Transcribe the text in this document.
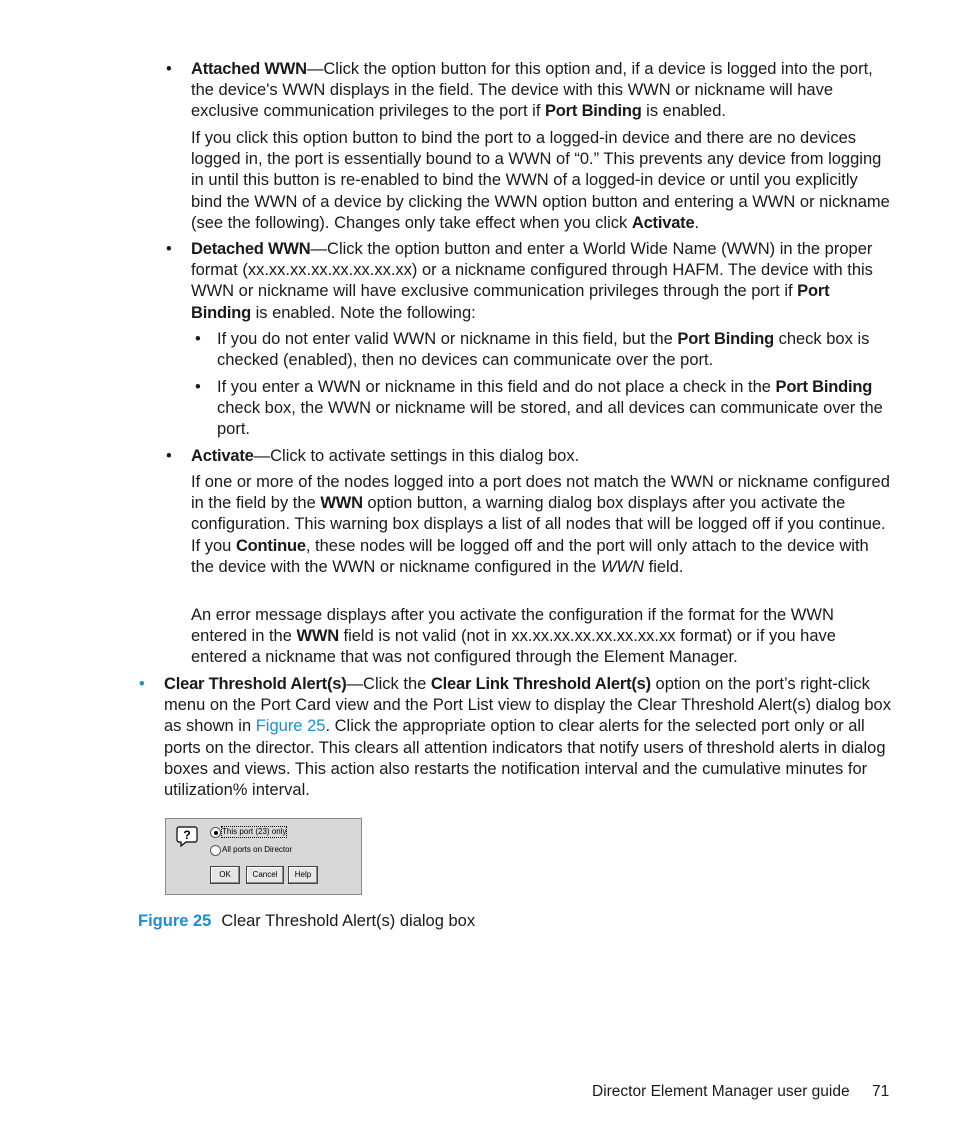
• Attached WWN—Click the option button for this option and, if a device is logged into the port, the device's WWN displays in the field. The device with this WWN or nickname will have exclusive communication privileges to the port if Port Binding is enabled.
If you click this option button to bind the port to a logged-in device and there are no devices logged in, the port is essentially bound to a WWN of “0.” This prevents any device from logging in until this button is re-enabled to bind the WWN of a logged-in device or until you explicitly bind the WWN of a device by clicking the WWN option button and entering a WWN or nickname (see the following). Changes only take effect when you click Activate.
• Detached WWN—Click the option button and enter a World Wide Name (WWN) in the proper format (xx.xx.xx.xx.xx.xx.xx.xx) or a nickname configured through HAFM. The device with this WWN or nickname will have exclusive communication privileges through the port if Port Binding is enabled. Note the following:
• If you do not enter valid WWN or nickname in this field, but the Port Binding check box is checked (enabled), then no devices can communicate over the port.
• If you enter a WWN or nickname in this field and do not place a check in the Port Binding check box, the WWN or nickname will be stored, and all devices can communicate over the port.
• Activate—Click to activate settings in this dialog box.
If one or more of the nodes logged into a port does not match the WWN or nickname configured in the field by the WWN option button, a warning dialog box displays after you activate the configuration. This warning box displays a list of all nodes that will be logged off if you continue. If you Continue, these nodes will be logged off and the port will only attach to the device with the device with the WWN or nickname configured in the WWN field.
An error message displays after you activate the configuration if the format for the WWN entered in the WWN field is not valid (not in xx.xx.xx.xx.xx.xx.xx.xx format) or if you have entered a nickname that was not configured through the Element Manager.
• Clear Threshold Alert(s)—Click the Clear Link Threshold Alert(s) option on the port’s right-click menu on the Port Card view and the Port List view to display the Clear Threshold Alert(s) dialog box as shown in Figure 25. Click the appropriate option to clear alerts for the selected port only or all ports on the director. This clears all attention indicators that notify users of threshold alerts in dialog boxes and views. This action also restarts the notification interval and the cumulative minutes for utilization% interval.
?	This port (23) only
All ports on Director
OK	Cancel	Help
Figure 25 Clear Threshold Alert(s) dialog box
Director Element Manager user guide 71
